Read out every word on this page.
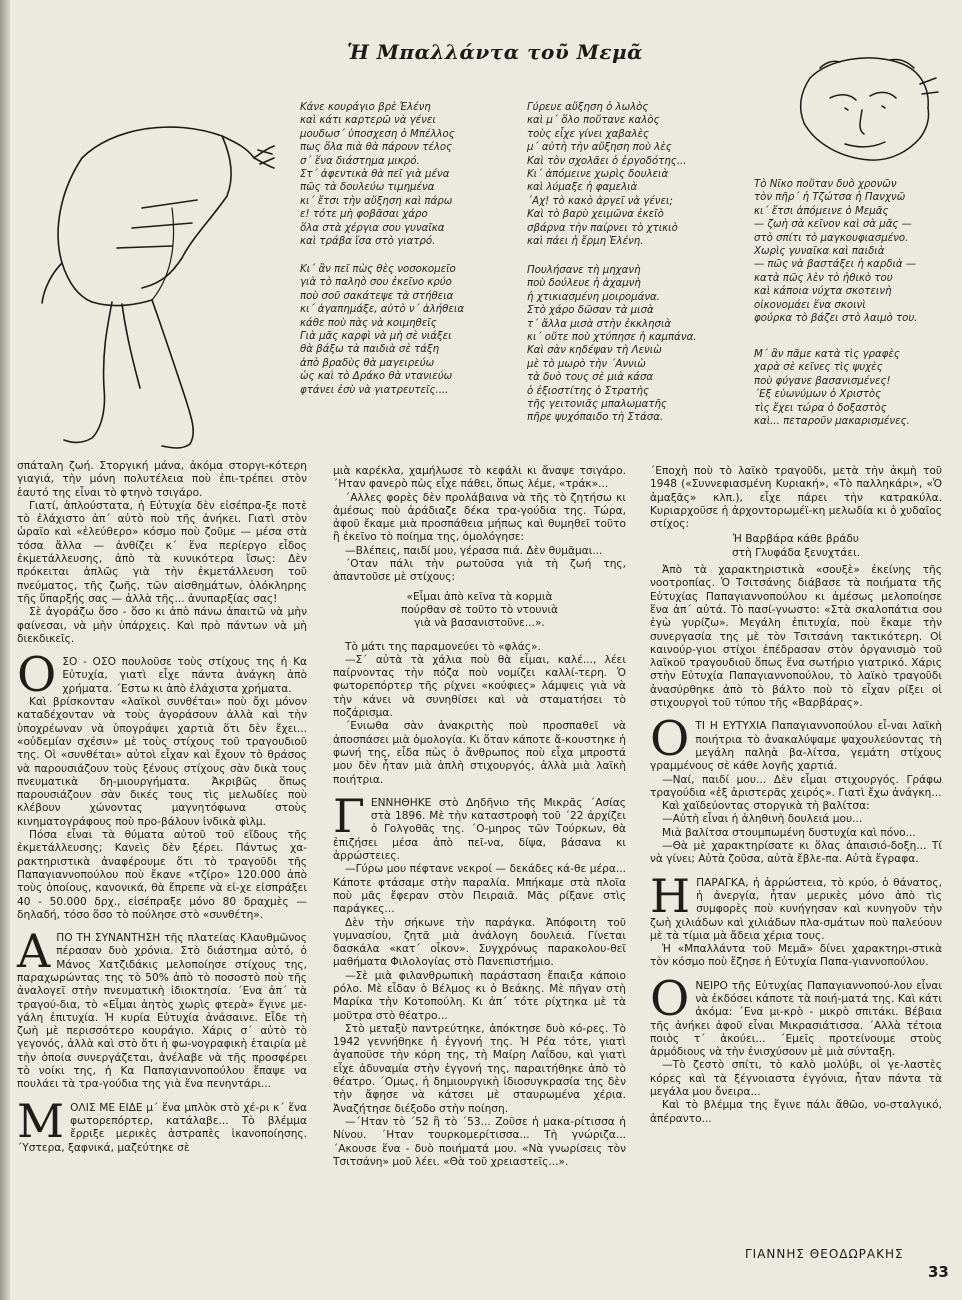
Ἡ Μπαλλάντα τοῦ Μεμᾶ
Κάνε κουράγιο βρὲ Ἑλένη
καὶ κάτι καρτερῶ νὰ γένει
μουδωσ΄ ὑποσχεση ὁ Μπέλλος
πως ὅλα πιὰ θὰ πάρουν τέλος
σ΄ ἕνα διάστημα μικρό.
Στ΄ ἀφεντικὰ θὰ πεῖ γιὰ μένα
πῶς τὰ δουλεύω τιμημένα
κι΄ ἔτσι τὴν αὔξηση καὶ πάρω
ε! τότε μὴ φοβᾶσαι χάρο
ὅλα στὰ χέργια σου γυναῖκα
καὶ τράβα ἴσα στὸ γιατρό.
Κι΄ ἂν πεῖ πὼς θὲς νοσοκομεῖο
γιὰ τὸ παληὸ σου ἐκεῖνο κρύο
ποὺ σοῦ σακάτεψε τὰ στήθεια
κι΄ ἀγαπημάξε, αὐτὸ ν΄ ἀλήθεια
κάθε ποὺ πὰς νὰ κοιμηθεῖς
Γιὰ μᾶς καρφὶ νὰ μὴ σὲ νιάξει
θὰ βάξω τὰ παιδιὰ σὲ τάξη
ἀπὸ βραδὺς θὰ μαγειρεύω
ὡς καὶ τὸ Δράκο θὰ ντανιεύω
φτάνει ἐσὺ νὰ γιατρευτεῖς....
Γύρευε αὔξηση ὁ λωλὸς
καὶ μ΄ ὅλο ποὔτανε καλὸς
τοὺς εἶχε γίνει χαβαλὲς
μ΄ αὐτὴ τὴν αὔξηση ποὺ λὲς
Καὶ τὸν σχολᾶει ὁ ἐργοδότης...
Κι΄ ἀπόμεινε χωρὶς δουλειὰ
καὶ λύμαξε ἡ φαμελιὰ
΄Αχ! τὸ κακὸ ἀργεῖ νὰ γένει;
Καὶ τὸ βαρὺ χειμῶνα ἐκεῖὸ
σβάρνα τὴν παίρνει τὸ χτικιὸ
καὶ πάει ἡ ἔρμη Ἑλένη.
Πουλήσανε τὴ μηχανὴ
ποὺ δούλευε ἡ ἀχαμνὴ
ἡ χτικιασμένη μοιρομάνα.
Στὸ χάρο δῶσαν τὰ μισὰ
τ΄ ἄλλα μισὰ στὴν ἐκκλησιὰ
κι΄ οὔτε ποὺ χτύπησε ἡ καμπάνα.
Καὶ σὰν κηδέψαν τὴ Λενιὼ
μὲ τὸ μωρὸ τὴν ΄Αννιὼ
τὰ δυὸ τους σὲ μιὰ κάσα
ὁ ἐξιοστίτης ὁ Στρατὴς
τῆς γειτονιᾶς μπαλωματῆς
πῆρε ψυχόπαιδο τὴ Στάσα.
Τὸ Νῖκο ποὔταν δυὸ χρονῶν
τὸν πῆρ΄ ἡ Τζώτσα ἡ Πανχνῶ
κι΄ ἔτσι ἀπόμεινε ὁ Μεμᾶς
— ζωὴ σὰ κεῖνον καὶ σὰ μᾶς —
στὸ σπίτι τὸ μαγκουφιασμένο.
Χωρὶς γυναῖκα καὶ παιδιὰ
— πῶς νὰ βαστάξει ἡ καρδιὰ —
κατὰ πῶς λὲν τὸ ἠθικὸ του
καὶ κάποια νύχτα σκοτεινὴ
οἰκονομάει ἕνα σκοινὶ
φούρκα τὸ βάζει στὸ λαιμὸ του.
Μ΄ ἂν πᾶμε κατὰ τὶς γραφὲς
χαρὰ σὲ κεῖνες τὶς ψυχὲς
ποὺ φύγανε βασανισμένες!
΄Εξ εὐωνύμων ὁ Χριστὸς
τὶς ἔχει τώρα ὁ δοξαστὸς
καὶ... πεταροῦν μακαρισμένες.

σπάταλη ζωή. Στοργική μάνα, ἀκόμα στοργι-κότερη γιαγιά, τὴν μόνη πολυτέλεια ποὺ ἐπι-τρέπει στὸν ἑαυτό της εἶναι τὸ φτηνὸ τσιγάρο.

Γιατί, ἁπλούστατα, ἡ Εὐτυχία δὲν εἰσέπρα-ξε ποτὲ τὸ ἐλάχιστο ἀπ΄ αὐτὸ ποὺ τῆς ἀνήκει. Γιατὶ στὸν ὡραῖο καὶ «ἐλεύθερο» κόσμο ποὺ ζοῦμε — μέσα στὰ τόσα ἄλλα — ἀνθίζει κ΄ ἕνα περίεργο εἶδος ἐκμετάλλευσης, ἀπὸ τὰ κυνικότερα ἴσως: Δὲν πρόκειται ἁπλῶς γιὰ τὴν ἐκμετάλλευση τοῦ πνεύματος, τῆς ζωῆς, τῶν αἰσθημάτων, ὁλόκληρης τῆς ὕπαρξής σας — ἀλλὰ τῆς... ἀνυπαρξίας σας!

Σὲ ἀγοράζω ὅσο - ὅσο κι ἀπὸ πάνω ἀπαιτῶ νὰ μὴν φαίνεσαι, νὰ μὴν ὑπάρχεις. Καὶ πρὸ πάντων νὰ μὴ διεκδικεῖς.

Ο ΣΟ - ΟΣΟ πουλοῦσε τοὺς στίχους της ἡ Κα Εὐτυχία, γιατὶ εἶχε πάντα ἀνάγκη ἀπὸ χρήματα. ΄Εστω κι ἀπὸ ἐλάχιστα χρήματα.

Καὶ βρίσκονταν «λαϊκοὶ συνθέται» ποὺ ὄχι μόνον καταδέχονταν νὰ τοὺς ἀγοράσουν ἀλλὰ καὶ τὴν ὑποχρέωναν νὰ ὑπογράψει χαρτιὰ ὅτι δὲν ἔχει... «οὐδεμίαν σχέσιν» μὲ τοὺς στίχους τοῦ τραγουδιοῦ της. Οἱ «συνθέται» αὐτοὶ εἶχαν καὶ ἔχουν τὸ θράσος νὰ παρουσιάζουν τοὺς ξένους στίχους σὰν δικὰ τους πνευματικὰ δη-μιουργήματα. Ἀκριβῶς ὅπως παρουσιάζουν σὰν δικές τους τὶς μελωδίες ποὺ κλέβουν χώνοντας μαγνητόφωνα στοὺς κινηματογράφους ποὺ προ-βάλουν ἰνδικὰ φὶλμ.

Πόσα εἶναι τὰ θύματα αὐτοῦ τοῦ εἴδους τῆς ἐκμετάλλευσης; Κανεὶς δὲν ξέρει. Πάντως χα-ρακτηριστικὰ ἀναφέρουμε ὅτι τὸ τραγοῦδι τῆς Παπαγιαννοπούλου ποὺ ἔκανε «τζίρο» 120.000 ἀπὸ τοὺς ὁποίους, κανονικά, θὰ ἔπρεπε νὰ εἰ-χε εἰσπράξει 40 - 50.000 δρχ., εἰσέπραξε μόνο 80 δραχμὲς — δηλαδή, τόσο ὅσο τὸ πούλησε στὸ «συνθέτη».

Α ΠΟ ΤΗ ΣΥΝΑΝΤΗΣΗ τῆς πλατείας Κλαυθμῶνος πέρασαν δυὸ χρόνια. Στὸ διάστημα αὐτό, ὁ Μάνος Χατζιδάκις μελοποίησε στίχους της, παραχωρώντας της τὸ 50% ἀπὸ τὸ ποσοστὸ ποὺ τῆς ἀναλογεῖ στὴν πνευματικὴ ἰδιοκτησία. ΄Ενα ἀπ΄ τὰ τραγού-δια, τὸ «Εἶμαι ἀητὸς χωρὶς φτερὰ» ἔγινε με-γάλη ἐπιτυχία. Ἡ κυρία Εὐτυχία ἀνάσαινε. Εἶδε τὴ ζωὴ μὲ περισσότερο κουράγιο. Χάρις σ΄ αὐτὸ τὸ γεγονός, ἀλλὰ καὶ στὸ ὅτι ἡ φω-νογραφικὴ ἑταιρία μὲ τὴν ὁποία συνεργάζεται, ἀνέλαβε νὰ τῆς προσφέρει τὸ νοίκι της, ἡ Κα Παπαγιαννοπούλου ἔπαψε να πουλάει τὰ τρα-γούδια της γιὰ ἕνα πενηντάρι...

Μ ΟΛΙΣ ΜΕ ΕΙΔΕ μ΄ ἕνα μπλὸκ στὸ χέ-ρι κ΄ ἕνα φωτορεπόρτερ, κατάλαβε... Τὸ βλέμμα ἔρριξε μερικὲς ἀστραπὲς ἱκανοποίησης. ΄Υστερα, ξαφνικά, μαζεύτηκε σὲ

μιὰ καρέκλα, χαμήλωσε τὸ κεφάλι κι ἄναψε τσιγάρο. ΄Ηταν φανερὸ πὼς εἶχε πάθει, ὅπως λέμε, «τράκ»...

΄Αλλες φορὲς δὲν προλάβαινα νὰ τῆς τὸ ζητήσω κι ἀμέσως ποὺ ἀράδιαζε δέκα τρα-γούδια της. Τώρα, ἀφοῦ ἔκαμε μιὰ προσπάθεια μήπως καὶ θυμηθεῖ τοῦτο ἢ ἐκεῖνο τὸ ποίημα της, ὁμολόγησε:

—Βλέπεις, παιδί μου, γέρασα πιά. Δὲν θυμᾶμαι...

΄Οταν πάλι τὴν ρωτοῦσα γιὰ τὴ ζωή της, ἀπαντοῦσε μὲ στίχους:

«Εἶμαι ἀπὸ κεῖνα τὰ κορμιὰ
πούρθαν σὲ τοῦτο τὸ ντουνιὰ
γιὰ νὰ βασανιστοῦνε...».

Τὸ μάτι της παραμονεύει τὸ «φλάς».

—Σ΄ αὐτὰ τὰ χάλια ποὺ θὰ εἶμαι, καλέ..., λέει παίρνοντας τὴν πόζα ποὺ νομίζει καλλί-τερη. Ὁ φωτορεπόρτερ τῆς ρίχνει «κούφιες» λάμψεις γιὰ νὰ τὴν κάνει νὰ συνηθίσει καὶ νὰ σταματήσει τὸ ποζάρισμα.

΄Ενιωθα σὰν ἀνακριτὴς ποὺ προσπαθεῖ νὰ ἀποσπάσει μιὰ ὁμολογία. Κι ὅταν κάποτε ἄ-κουστηκε ἡ φωνή της, εἶδα πὼς ὁ ἄνθρωπος ποὺ εἶχα μπροστά μου δὲν ἦταν μιὰ ἁπλὴ στιχουργός, ἀλλὰ μιὰ λαϊκὴ ποιήτρια.

Γ ΕΝΝΗΘΗΚΕ στὸ Δηδῆνιο τῆς Μικρᾶς ΄Ασίας στὰ 1896. Μὲ τὴν καταστροφὴ τοῦ ΄22 ἀρχίζει ὁ Γολγοθᾶς της. ΄Ο-μηρος τῶν Τούρκων, θὰ ἐπιζήσει μέσα ἀπὸ πεῖ-να, δίψα, βάσανα κι ἀρρώστειες.

—Γύρω μου πέφτανε νεκροί — δεκάδες κά-θε μέρα... Κάποτε φτάσαμε στὴν παραλία. Μπήκαμε στὰ πλοῖα ποὺ μᾶς ἔφεραν στὸν Πειραιᾶ. Μᾶς ρίξανε στὶς παράγκες...

Δὲν τὴν σήκωνε τὴν παράγκα. Ἀπόφοιτη τοῦ γυμνασίου, ζητᾶ μιὰ ἀνάλογη δουλειά. Γίνεται δασκάλα «κατ΄ οἶκον». Συγχρόνως παρακολου-θεῖ μαθήματα Φιλολογίας στὸ Πανεπιστήμιο.

—Σὲ μιὰ φιλανθρωπικὴ παράσταση ἔπαιξα κάποιο ρόλο. Μὲ εἶδαν ὁ Βέλμος κι ὁ Βεάκης. Μὲ πῆγαν στὴ Μαρίκα τὴν Κοτοπούλη. Κι ἀπ΄ τότε ρίχτηκα μὲ τὰ μοῦτρα στὸ θέατρο...

Στὸ μεταξὺ παντρεύτηκε, ἀπόκτησε δυὸ κό-ρες. Τὸ 1942 γεννήθηκε ἡ ἐγγονή της. Ἡ Ρέα τότε, γιατὶ ἀγαποῦσε τὴν κόρη της, τὴ Μαίρη Λαΐδου, καὶ γιατὶ εἶχε ἀδυναμία στὴν ἐγγονή της, παραιτήθηκε ἀπὸ τὸ θέατρο. ΄Ομως, ἡ δημιουργικὴ ἰδιοσυγκρασία της δὲν τὴν ἄφησε νὰ κάτσει μὲ σταυρωμένα χέρια. Ἀναζήτησε διέξοδο στὴν ποίηση.

—΄Ηταν τὸ ΄52 ἢ τὸ ΄53... Ζοῦσε ἡ μακα-ρίτισσα ἡ Νίνου. ΄Ηταν τουρκομερίτισσα... Τὴ γνώριζα... ΄Ακουσε ἕνα - δυὸ ποιήματά μου. «Νὰ γνωρίσεις τὸν Τσιτσάνη» μοῦ λέει. «Θὰ τοῦ χρειαστεῖς...».

΄Εποχὴ ποὺ τὸ λαϊκὸ τραγοῦδι, μετὰ τὴν ἀκμὴ τοῦ 1948 («Συννεφιασμένη Κυριακή», «Τὸ παλληκάρι», «Ὁ ἀμαξᾶς» κλπ.), εἶχε πάρει τὴν κατρακύλα. Κυριαρχοῦσε ἡ ἀρχοντορωμέϊ-κη μελωδία κι ὁ χυδαῖος στίχος:

Ἡ Βαρβάρα κάθε βράδυ
στὴ Γλυφάδα ξενυχτάει.

Ἀπὸ τὰ χαρακτηριστικὰ «σουξὲ» ἐκείνης τῆς νοοτροπίας. Ὁ Τσιτσάνης διάβασε τὰ ποιήματα τῆς Εὐτυχίας Παπαγιαννοπούλου κι ἀμέσως μελοποίησε ἕνα ἀπ΄ αὐτά. Τὸ πασί-γνωστο: «Στὰ σκαλοπάτια σου ἐγὼ γυρίζω». Μεγάλη ἐπιτυχία, ποὺ ἔκαμε τὴν συνεργασία της μὲ τὸν Τσιτσάνη τακτικότερη. Οἱ καινούρ-γιοι στίχοι ἐπέδρασαν στὸν ὀργανισμὸ τοῦ λαϊκοῦ τραγουδιοῦ ὅπως ἕνα σωτήριο γιατρικό. Χάρις στὴν Εὐτυχία Παπαγιαννοπούλου, τὸ λαϊκὸ τραγοῦδι ἀνασύρθηκε ἀπὸ τὸ βάλτο ποὺ τὸ εἶχαν ρίξει οἱ στιχουργοὶ τοῦ τύπου τῆς «Βαρβάρας».

Ο ΤΙ Η ΕΥΤΥΧΙΑ Παπαγιαννοπούλου εἶ-ναι λαϊκὴ ποιήτρια τὸ ἀνακαλύψαμε ψαχουλεύοντας τὴ μεγάλη παληὰ βα-λίτσα, γεμάτη στίχους γραμμένους σὲ κάθε λογῆς χαρτιά.

—Ναί, παιδί μου... Δὲν εἶμαι στιχουργός. Γράφω τραγούδια «ἐξ ἀριστερᾶς χειρός». Γιατὶ ἔχω ἀνάγκη...

Καὶ χαϊδεύοντας στοργικὰ τὴ βαλίτσα:

—Αὐτὴ εἶναι ἡ ἀληθινὴ δουλειά μου...

Μιὰ βαλίτσα στουμπωμένη δυστυχία καὶ πόνο...

—Θὰ μὲ χαρακτηρίσατε κι ὅλας ἀπαισιό-δοξη... Τί νὰ γίνει; Αὐτὰ ζοῦσα, αὐτὰ ἔβλε-πα. Αὐτὰ ἔγραφα.

Η ΠΑΡΑΓΚΑ, ἡ ἀρρώστεια, τὸ κρύο, ὁ θάνατος, ἡ ἀνεργία, ἦταν μερικὲς μόνο ἀπὸ τὶς συμφορὲς ποὺ κυνήγησαν καὶ κυνηγοῦν τὴν ζωὴ χιλιάδων καὶ χιλιάδων πλα-σμάτων ποὺ παλεύουν μὲ τὰ τίμια μὰ ἄδεια χέρια τους.

Ἡ «Μπαλλάντα τοῦ Μεμᾶ» δίνει χαρακτηρι-στικὰ τὸν κόσμο ποὺ ἔζησε ἡ Εὐτυχία Παπα-γιαννοπούλου.

Ο ΝΕΙΡΟ τῆς Εὐτυχίας Παπαγιαννοπού-λου εἶναι νὰ ἐκδόσει κάποτε τὰ ποιή-ματά της. Καὶ κάτι ἀκόμα: ΄Ενα μι-κρὸ - μικρὸ σπιτάκι. Βέβαια τῆς ἀνήκει ἀφοῦ εἶναι Μικρασιάτισσα. ΄Αλλὰ τέτοια ποιὸς τ΄ ἀκούει... ΄Εμεῖς προτείνουμε στοὺς ἁρμόδιους νὰ τὴν ἐνισχύσουν μὲ μιὰ σύνταξη.

—Τὸ ζεστὸ σπίτι, τὸ καλὸ μολύβι, οἱ γε-λαστὲς κόρες καὶ τὰ ξέγνοιαστα ἐγγόνια, ἦταν πάντα τὰ μεγάλα μου ὄνειρα...

Καὶ τὸ βλέμμα της ἔγινε πάλι ἄθῶο, νο-σταλγικό, ἀπέραντο...

ΓΙΑΝΝΗΣ ΘΕΟΔΩΡΑΚΗΣ
33
